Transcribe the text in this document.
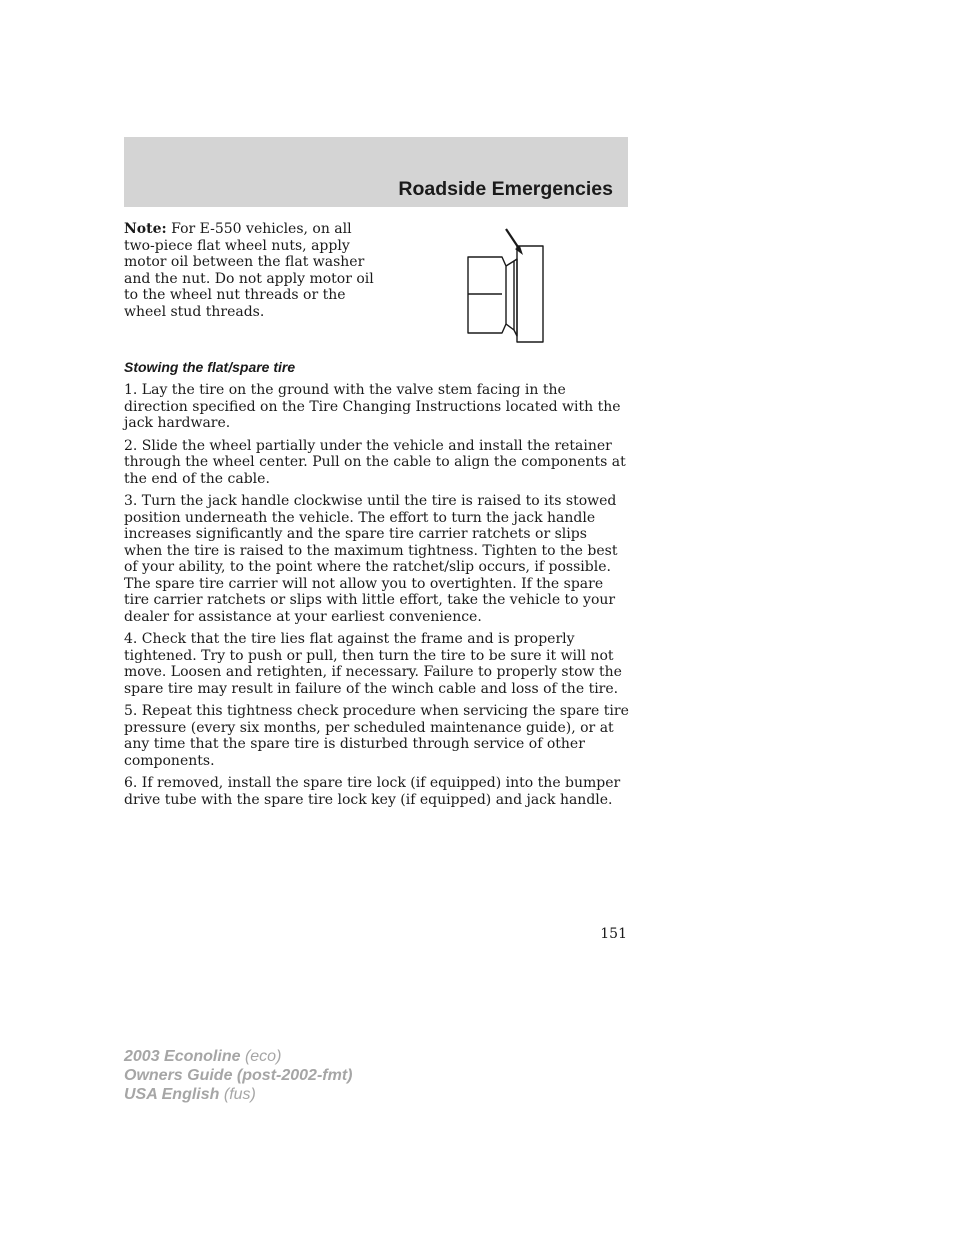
Roadside Emergencies
Note: For E-550 vehicles, on all two-piece flat wheel nuts, apply motor oil between the flat washer and the nut. Do not apply motor oil to the wheel nut threads or the wheel stud threads.
Stowing the flat/spare tire

1. Lay the tire on the ground with the valve stem facing in the direction specified on the Tire Changing Instructions located with the jack hardware.

2. Slide the wheel partially under the vehicle and install the retainer through the wheel center. Pull on the cable to align the components at the end of the cable.

3. Turn the jack handle clockwise until the tire is raised to its stowed position underneath the vehicle. The effort to turn the jack handle increases significantly and the spare tire carrier ratchets or slips when the tire is raised to the maximum tightness. Tighten to the best of your ability, to the point where the ratchet/slip occurs, if possible. The spare tire carrier will not allow you to overtighten. If the spare tire carrier ratchets or slips with little effort, take the vehicle to your dealer for assistance at your earliest convenience.

4. Check that the tire lies flat against the frame and is properly tightened. Try to push or pull, then turn the tire to be sure it will not move. Loosen and retighten, if necessary. Failure to properly stow the spare tire may result in failure of the winch cable and loss of the tire.

5. Repeat this tightness check procedure when servicing the spare tire pressure (every six months, per scheduled maintenance guide), or at any time that the spare tire is disturbed through service of other components.

6. If removed, install the spare tire lock (if equipped) into the bumper drive tube with the spare tire lock key (if equipped) and jack handle.

151
2003 Econoline (eco)
Owners Guide (post-2002-fmt)
USA English (fus)
